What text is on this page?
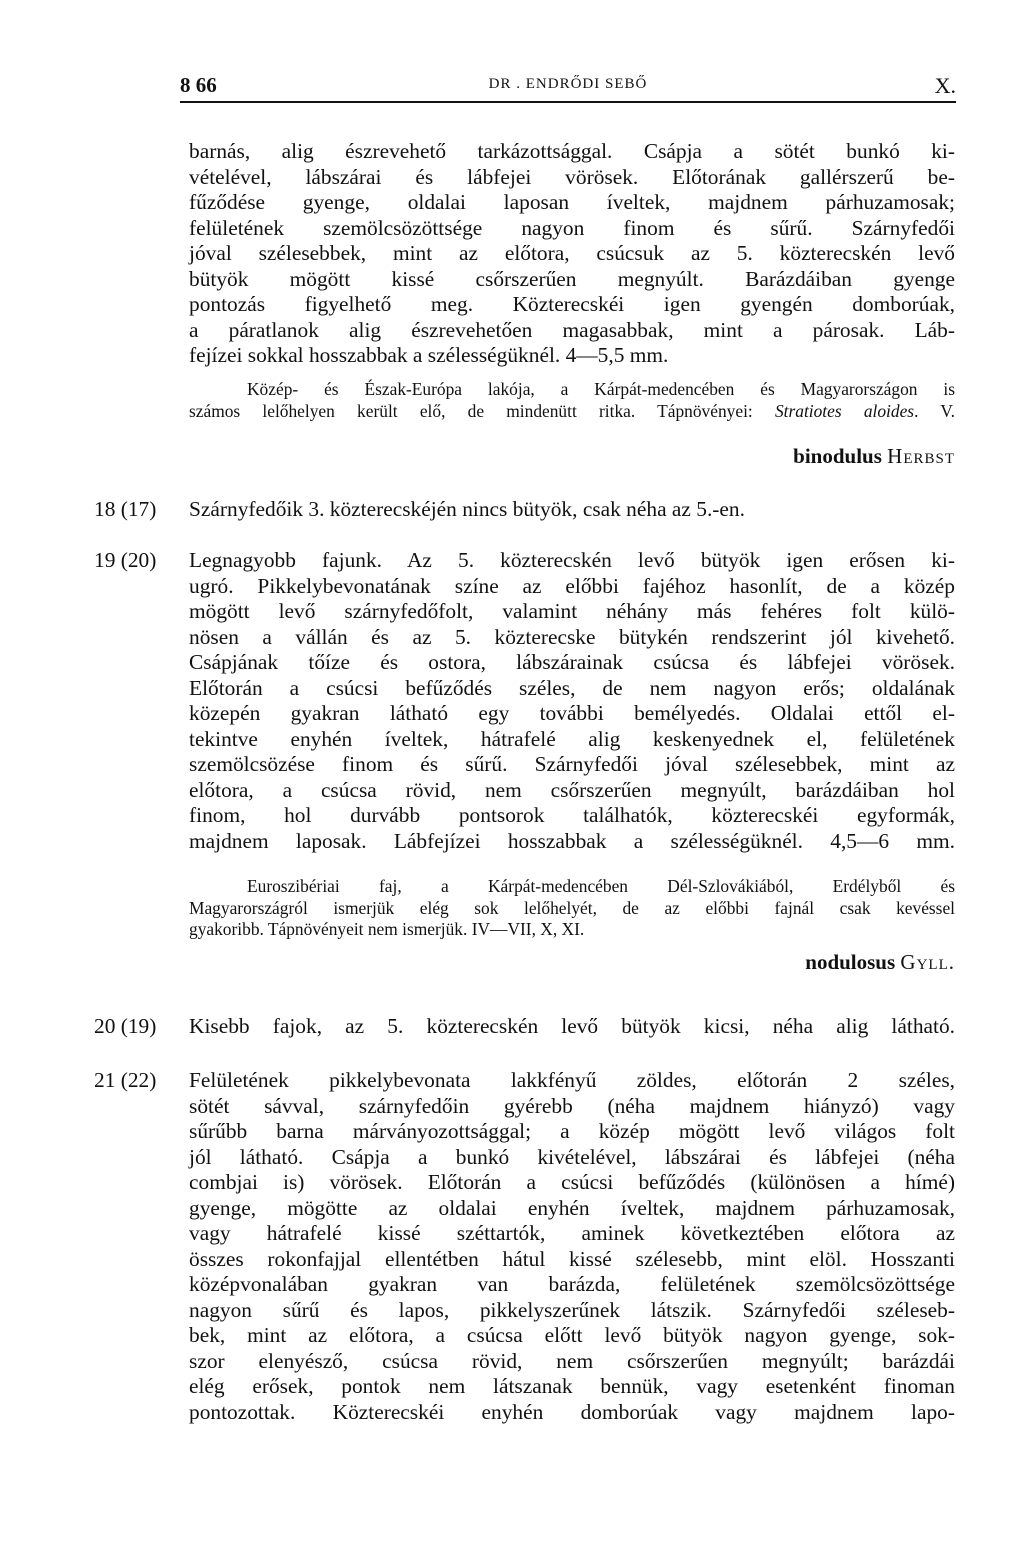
8 66	DR . ENDRŐDI SEBŐ	X.
barnás, alig észrevehető tarkázottsággal. Csápja a sötét bunkó ki-
vételével, lábszárai és lábfejei vörösek. Előtorának gallérszerű be-
fűződése gyenge, oldalai laposan íveltek, majdnem párhuzamosak;
felületének szemölcsözöttsége nagyon finom és sűrű. Szárnyfedői
jóval szélesebbek, mint az előtora, csúcsuk az 5. közterecskén levő
bütyök mögött kissé csőrszerűen megnyúlt. Barázdáiban gyenge
pontozás figyelhető meg. Közterecskéi igen gyengén domborúak,
a páratlanok alig észrevehetően magasabbak, mint a párosak. Láb-
fejízei sokkal hosszabbak a szélességüknél. 4—5,5 mm.
Közép- és Észak-Európa lakója, a Kárpát-medencében és Magyarországon is
számos lelőhelyen került elő, de mindenütt ritka. Tápnövényei: Stratiotes aloides. V.
binodulus Herbst
18 (17) Szárnyfedőik 3. közterecskéjén nincs bütyök, csak néha az 5.-en.
19 (20) Legnagyobb fajunk. Az 5. közterecskén levő bütyök igen erősen ki-
ugró. Pikkelybevonatának színe az előbbi fajéhoz hasonlít, de a közép
mögött levő szárnyfedőfolt, valamint néhány más fehéres folt külö-
nösen a vállán és az 5. közterecske bütykén rendszerint jól kivehető.
Csápjának tőíze és ostora, lábszárainak csúcsa és lábfejei vörösek.
Előtorán a csúcsi befűződés széles, de nem nagyon erős; oldalának
közepén gyakran látható egy további bemélyedés. Oldalai ettől el-
tekintve enyhén íveltek, hátrafelé alig keskenyednek el, felületének
szemölcsözése finom és sűrű. Szárnyfedői jóval szélesebbek, mint az
előtora, a csúcsa rövid, nem csőrszerűen megnyúlt, barázdáiban hol
finom, hol durvább pontsorok találhatók, közterecskéi egyformák,
majdnem laposak. Lábfejízei hosszabbak a szélességüknél. 4,5—6 mm.
Euroszibériai faj, a Kárpát-medencében Dél-Szlovákiából, Erdélyből és
Magyarországról ismerjük elég sok lelőhelyét, de az előbbi fajnál csak kevéssel
gyakoribb. Tápnövényeit nem ismerjük. IV—VII, X, XI.
nodulosus Gyll.
20 (19) Kisebb fajok, az 5. közterecskén levő bütyök kicsi, néha alig látható.
21 (22) Felületének pikkelybevonata lakkfényű zöldes, előtorán 2 széles,
sötét sávval, szárnyfedőin gyérebb (néha majdnem hiányzó) vagy
sűrűbb barna márványozottsággal; a közép mögött levő világos folt
jól látható. Csápja a bunkó kivételével, lábszárai és lábfejei (néha
combjai is) vörösek. Előtorán a csúcsi befűződés (különösen a hímé)
gyenge, mögötte az oldalai enyhén íveltek, majdnem párhuzamosak,
vagy hátrafelé kissé széttartók, aminek következtében előtora az
összes rokonfajjal ellentétben hátul kissé szélesebb, mint elöl. Hosszanti
középvonalában gyakran van barázda, felületének szemölcsözöttsége
nagyon sűrű és lapos, pikkelyszerűnek látszik. Szárnyfedői széleseb-
bek, mint az előtora, a csúcsa előtt levő bütyök nagyon gyenge, sok-
szor elenyésző, csúcsa rövid, nem csőrszerűen megnyúlt; barázdái
elég erősek, pontok nem látszanak bennük, vagy esetenként finoman
pontozottak. Közterecskéi enyhén domborúak vagy majdnem lapo-
